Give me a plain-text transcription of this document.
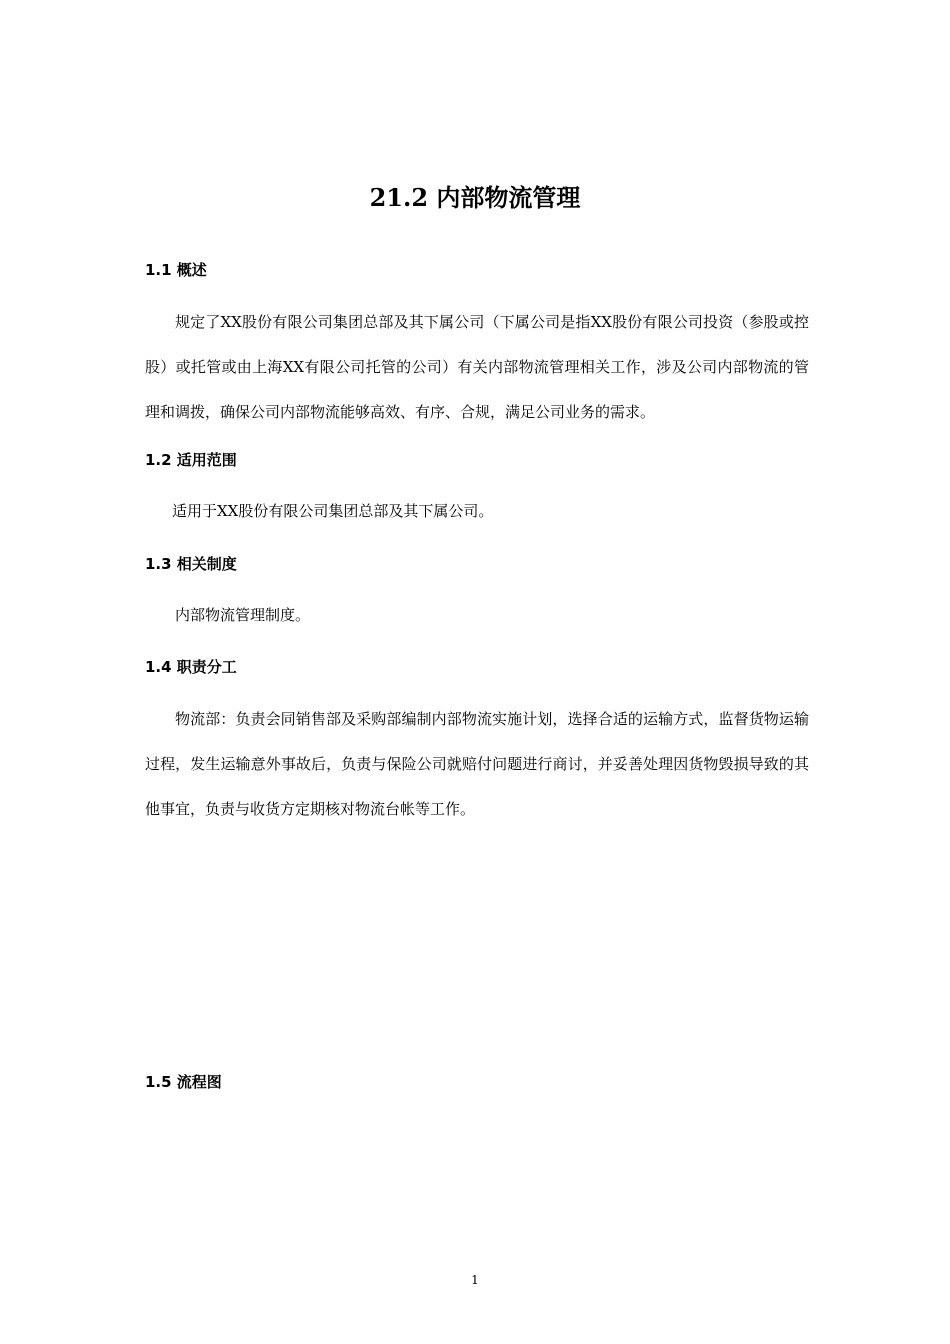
21.2 内部物流管理
1.1 概述

规定了XX股份有限公司集团总部及其下属公司（下属公司是指XX股份有限公司投资（参股或控股）或托管或由上海XX有限公司托管的公司）有关内部物流管理相关工作，涉及公司内部物流的管理和调拨，确保公司内部物流能够高效、有序、合规，满足公司业务的需求。

1.2 适用范围

适用于XX股份有限公司集团总部及其下属公司。

1.3 相关制度

内部物流管理制度。

1.4 职责分工

物流部：负责会同销售部及采购部编制内部物流实施计划，选择合适的运输方式，监督货物运输过程，发生运输意外事故后，负责与保险公司就赔付问题进行商讨，并妥善处理因货物毁损导致的其他事宜，负责与收货方定期核对物流台帐等工作。

1.5 流程图
1
